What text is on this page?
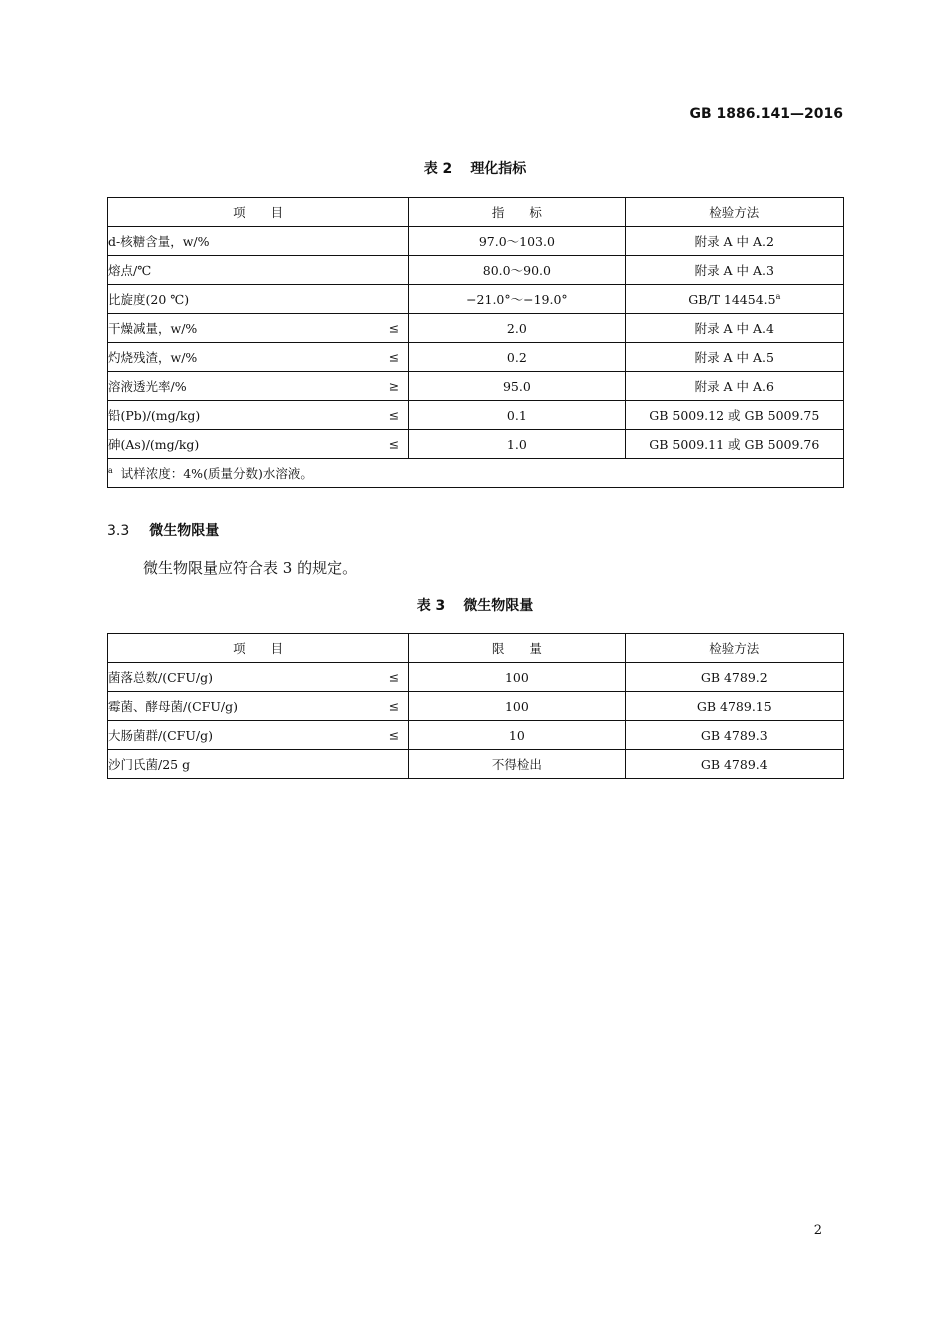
GB 1886.141—2016
表 2 理化指标
项　　目	指　　标	检验方法
d-核糖含量，w/%	97.0～103.0	附录 A 中 A.2
熔点/℃	80.0～90.0	附录 A 中 A.3
比旋度(20 ℃)	−21.0°～−19.0°	GB/T 14454.5$^a$
干燥减量，w/% ≤	2.0	附录 A 中 A.4
灼烧残渣，w/% ≤	0.2	附录 A 中 A.5
溶液透光率/% ≥	95.0	附录 A 中 A.6
铅(Pb)/(mg/kg) ≤	0.1	GB 5009.12 或 GB 5009.75
砷(As)/(mg/kg) ≤	1.0	GB 5009.11 或 GB 5009.76
$^a$ 试样浓度：4%(质量分数)水溶液。		
3.3 微生物限量
微生物限量应符合表 3 的规定。
表 3 微生物限量
项　　目	限　　量	检验方法
菌落总数/(CFU/g) ≤	100	GB 4789.2
霉菌、酵母菌/(CFU/g) ≤	100	GB 4789.15
大肠菌群/(CFU/g) ≤	10	GB 4789.3
沙门氏菌/25 g	不得检出	GB 4789.4
2
